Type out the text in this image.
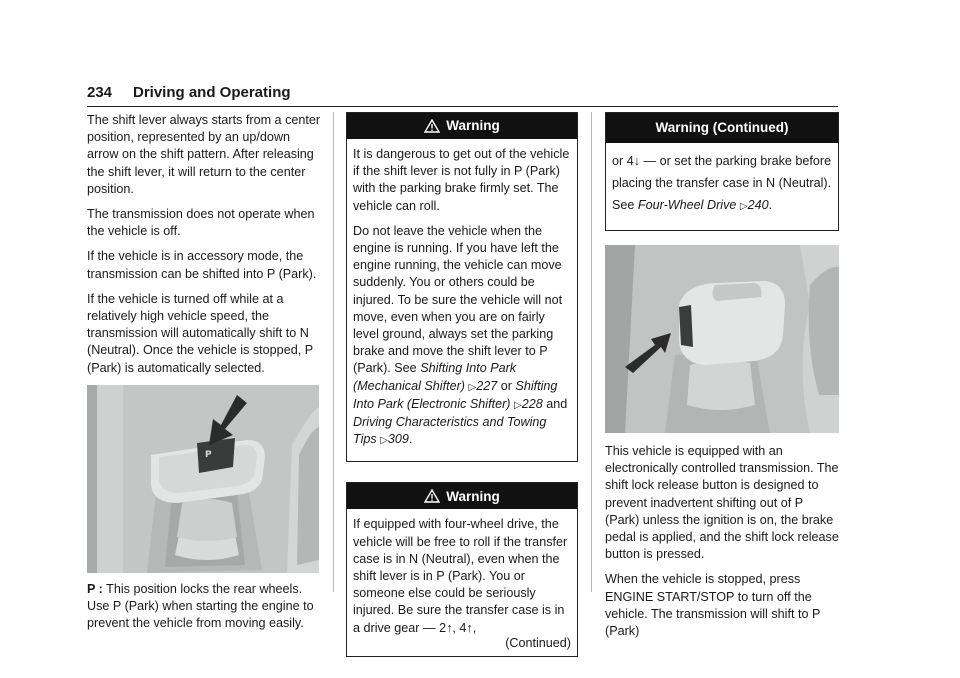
234 Driving and Operating

The shift lever always starts from a center position, represented by an up/down arrow on the shift pattern. After releasing the shift lever, it will return to the center position.

The transmission does not operate when the vehicle is off.

If the vehicle is in accessory mode, the transmission can be shifted into P (Park).

If the vehicle is turned off while at a relatively high vehicle speed, the transmission will automatically shift to N (Neutral). Once the vehicle is stopped, P (Park) is automatically selected.

P

P : This position locks the rear wheels. Use P (Park) when starting the engine to prevent the vehicle from moving easily.

Warning

It is dangerous to get out of the vehicle if the shift lever is not fully in P (Park) with the parking brake firmly set. The vehicle can roll.

Do not leave the vehicle when the engine is running. If you have left the engine running, the vehicle can move suddenly. You or others could be injured. To be sure the vehicle will not move, even when you are on fairly level ground, always set the parking brake and move the shift lever to P (Park). See Shifting Into Park (Mechanical Shifter) ▷227 or Shifting Into Park (Electronic Shifter) ▷228 and Driving Characteristics and Towing Tips ▷309.

Warning

If equipped with four-wheel drive, the vehicle will be free to roll if the transfer case is in N (Neutral), even when the shift lever is in P (Park). You or someone else could be seriously injured. Be sure the transfer case is in a drive gear — 2↑, 4↑,

(Continued)
Warning (Continued)

or 4↓ — or set the parking brake before placing the transfer case in N (Neutral). See Four-Wheel Drive ▷240.

This vehicle is equipped with an electronically controlled transmission. The shift lock release button is designed to prevent inadvertent shifting out of P (Park) unless the ignition is on, the brake pedal is applied, and the shift lock release button is pressed.

When the vehicle is stopped, press ENGINE START/STOP to turn off the vehicle. The transmission will shift to P (Park)
